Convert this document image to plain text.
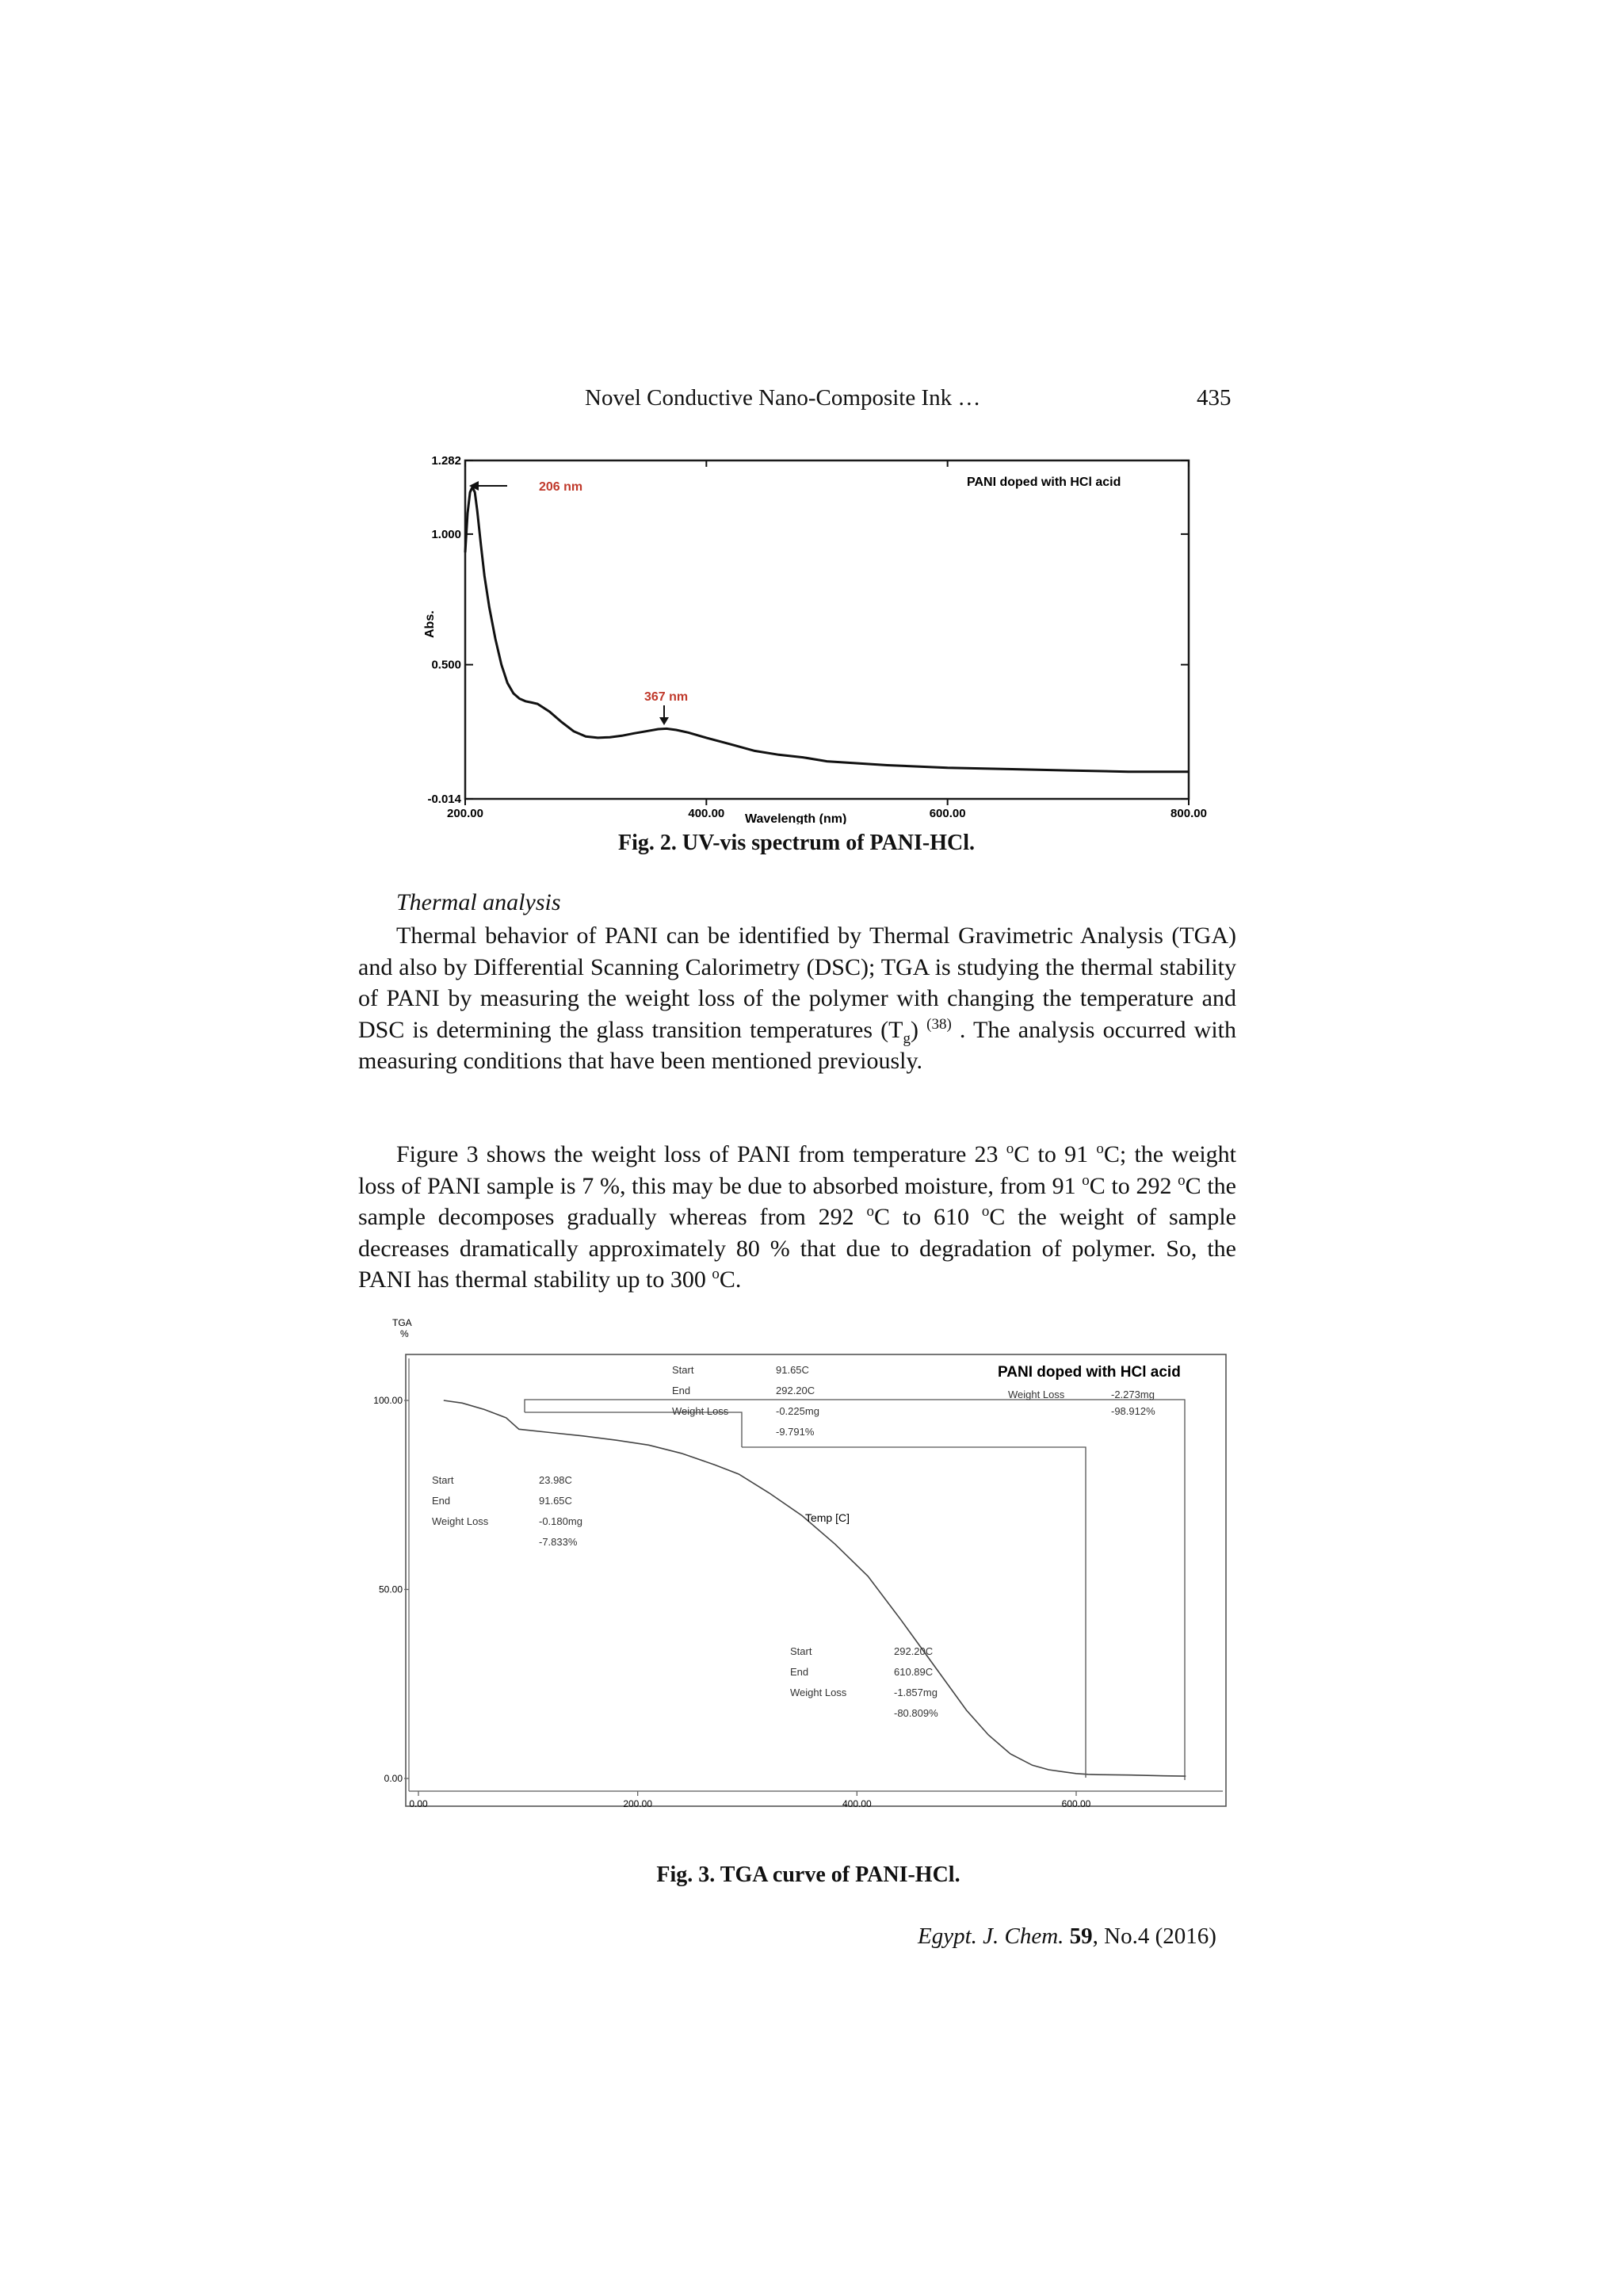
Novel Conductive Nano-Composite Ink …	435
200.00	400.00	600.00	800.00
1.282
1.000
0.500
-0.014
PANI doped with HCl acid
Abs.
Wavelength (nm)
206 nm
367 nm
Fig. 2. UV-vis spectrum of PANI-HCl.
Thermal analysis
Thermal behavior of PANI can be identified by Thermal Gravimetric Analysis (TGA) and also by Differential Scanning Calorimetry (DSC); TGA is studying the thermal stability of PANI by measuring the weight loss of the polymer with changing the temperature and DSC is determining the glass transition temperatures $(T_g)$ $^{(38)}$ . The analysis occurred with measuring conditions that have been mentioned previously.
Figure 3 shows the weight loss of PANI from temperature 23 $^o$C to 91 $^o$C; the weight loss of PANI sample is 7 %, this may be due to absorbed moisture, from 91 $^o$C to 292 $^o$C the sample decomposes gradually whereas from 292 $^o$C to 610 $^o$C the weight of sample decreases dramatically approximately 80 % that due to degradation of polymer. So, the PANI has thermal stability up to 300 $^o$C.
TGA
%
0.00	200.00	400.00	600.00
100.00
50.00
0.00
PANI doped with HCl acid
Temp [C]
Start	23.98C
End	91.65C
Weight Loss	-0.180mg
-7.833%
Start	91.65C
End	292.20C
Weight Loss	-0.225mg
-9.791%
Start	292.20C
End	610.89C
Weight Loss	-1.857mg
-80.809%
Weight Loss	-2.273mg
-98.912%
Fig. 3. TGA curve of PANI-HCl.
Egypt. J. Chem. 59, No.4 (2016)
